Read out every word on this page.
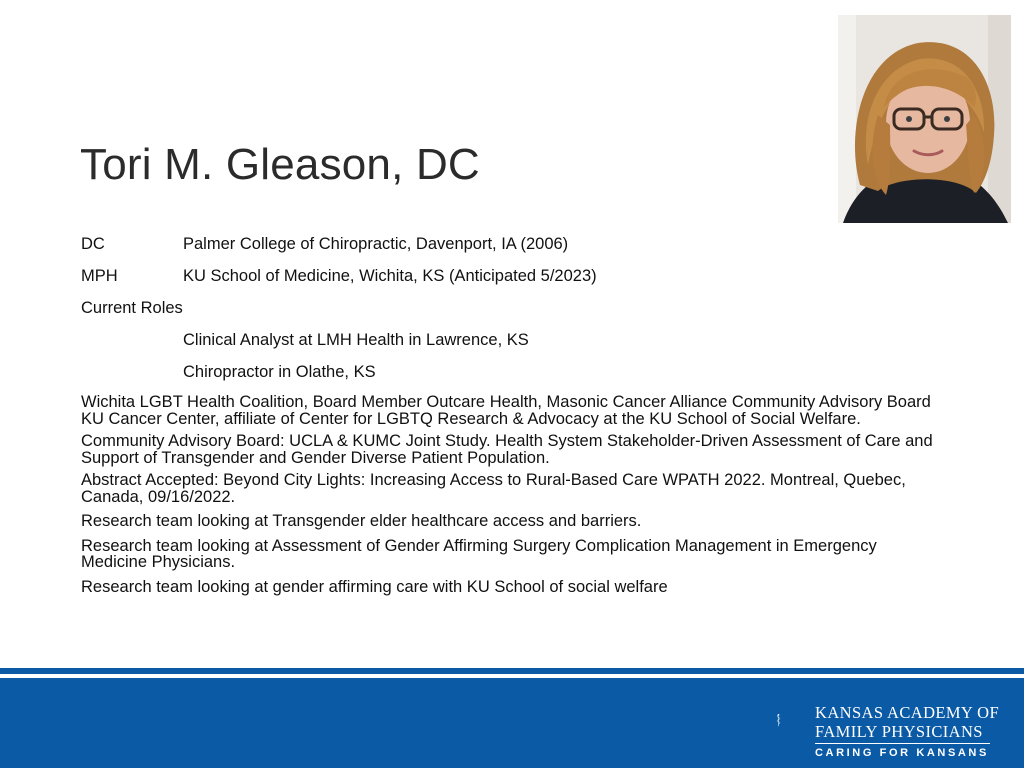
Tori M. Gleason, DC
DC	Palmer College of Chiropractic, Davenport, IA (2006)
MPH	KU School of Medicine, Wichita, KS (Anticipated 5/2023)
Current Roles
Clinical Analyst at LMH Health in Lawrence, KS
Chiropractor in Olathe, KS

Wichita LGBT Health Coalition, Board Member Outcare Health, Masonic Cancer Alliance Community Advisory Board KU Cancer Center, affiliate of Center for LGBTQ Research & Advocacy at the KU School of Social Welfare.

Community Advisory Board: UCLA & KUMC Joint Study. Health System Stakeholder-Driven Assessment of Care and Support of Transgender and Gender Diverse Patient Population.

Abstract Accepted: Beyond City Lights: Increasing Access to Rural-Based Care WPATH 2022. Montreal, Quebec, Canada, 09/16/2022.

Research team looking at Transgender elder healthcare access and barriers.

Research team looking at Assessment of Gender Affirming Surgery Complication Management in Emergency Medicine Physicians.

Research team looking at gender affirming care with KU School of social welfare

KANSAS ACADEMY OF
FAMILY PHYSICIANS
CARING FOR KANSANS
